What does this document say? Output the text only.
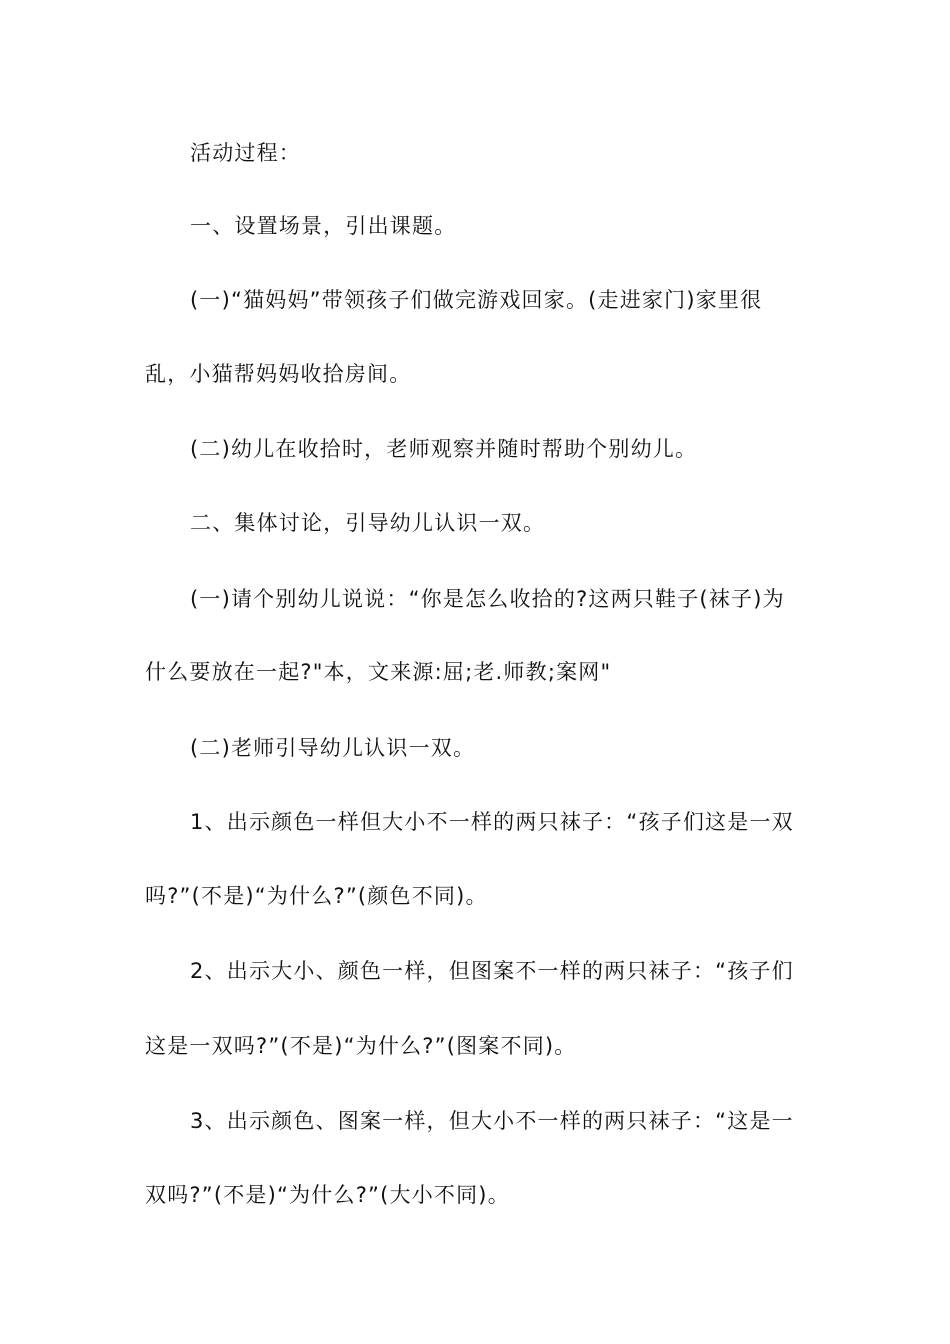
活动过程：
一、设置场景，引出课题。
(一)“猫妈妈”带领孩子们做完游戏回家。(走进家门)家里很
乱，小猫帮妈妈收拾房间。
(二)幼儿在收拾时，老师观察并随时帮助个别幼儿。
二、集体讨论，引导幼儿认识一双。
(一)请个别幼儿说说：“你是怎么收拾的?这两只鞋子(袜子)为
什么要放在一起?"本，文来源:屈;老.师教;案网"
(二)老师引导幼儿认识一双。
1、出示颜色一样但大小不一样的两只袜子：“孩子们这是一双
吗?”(不是)“为什么?”(颜色不同)。
2、出示大小、颜色一样，但图案不一样的两只袜子：“孩子们
这是一双吗?”(不是)“为什么?”(图案不同)。
3、出示颜色、图案一样，但大小不一样的两只袜子：“这是一
双吗?”(不是)“为什么?”(大小不同)。
